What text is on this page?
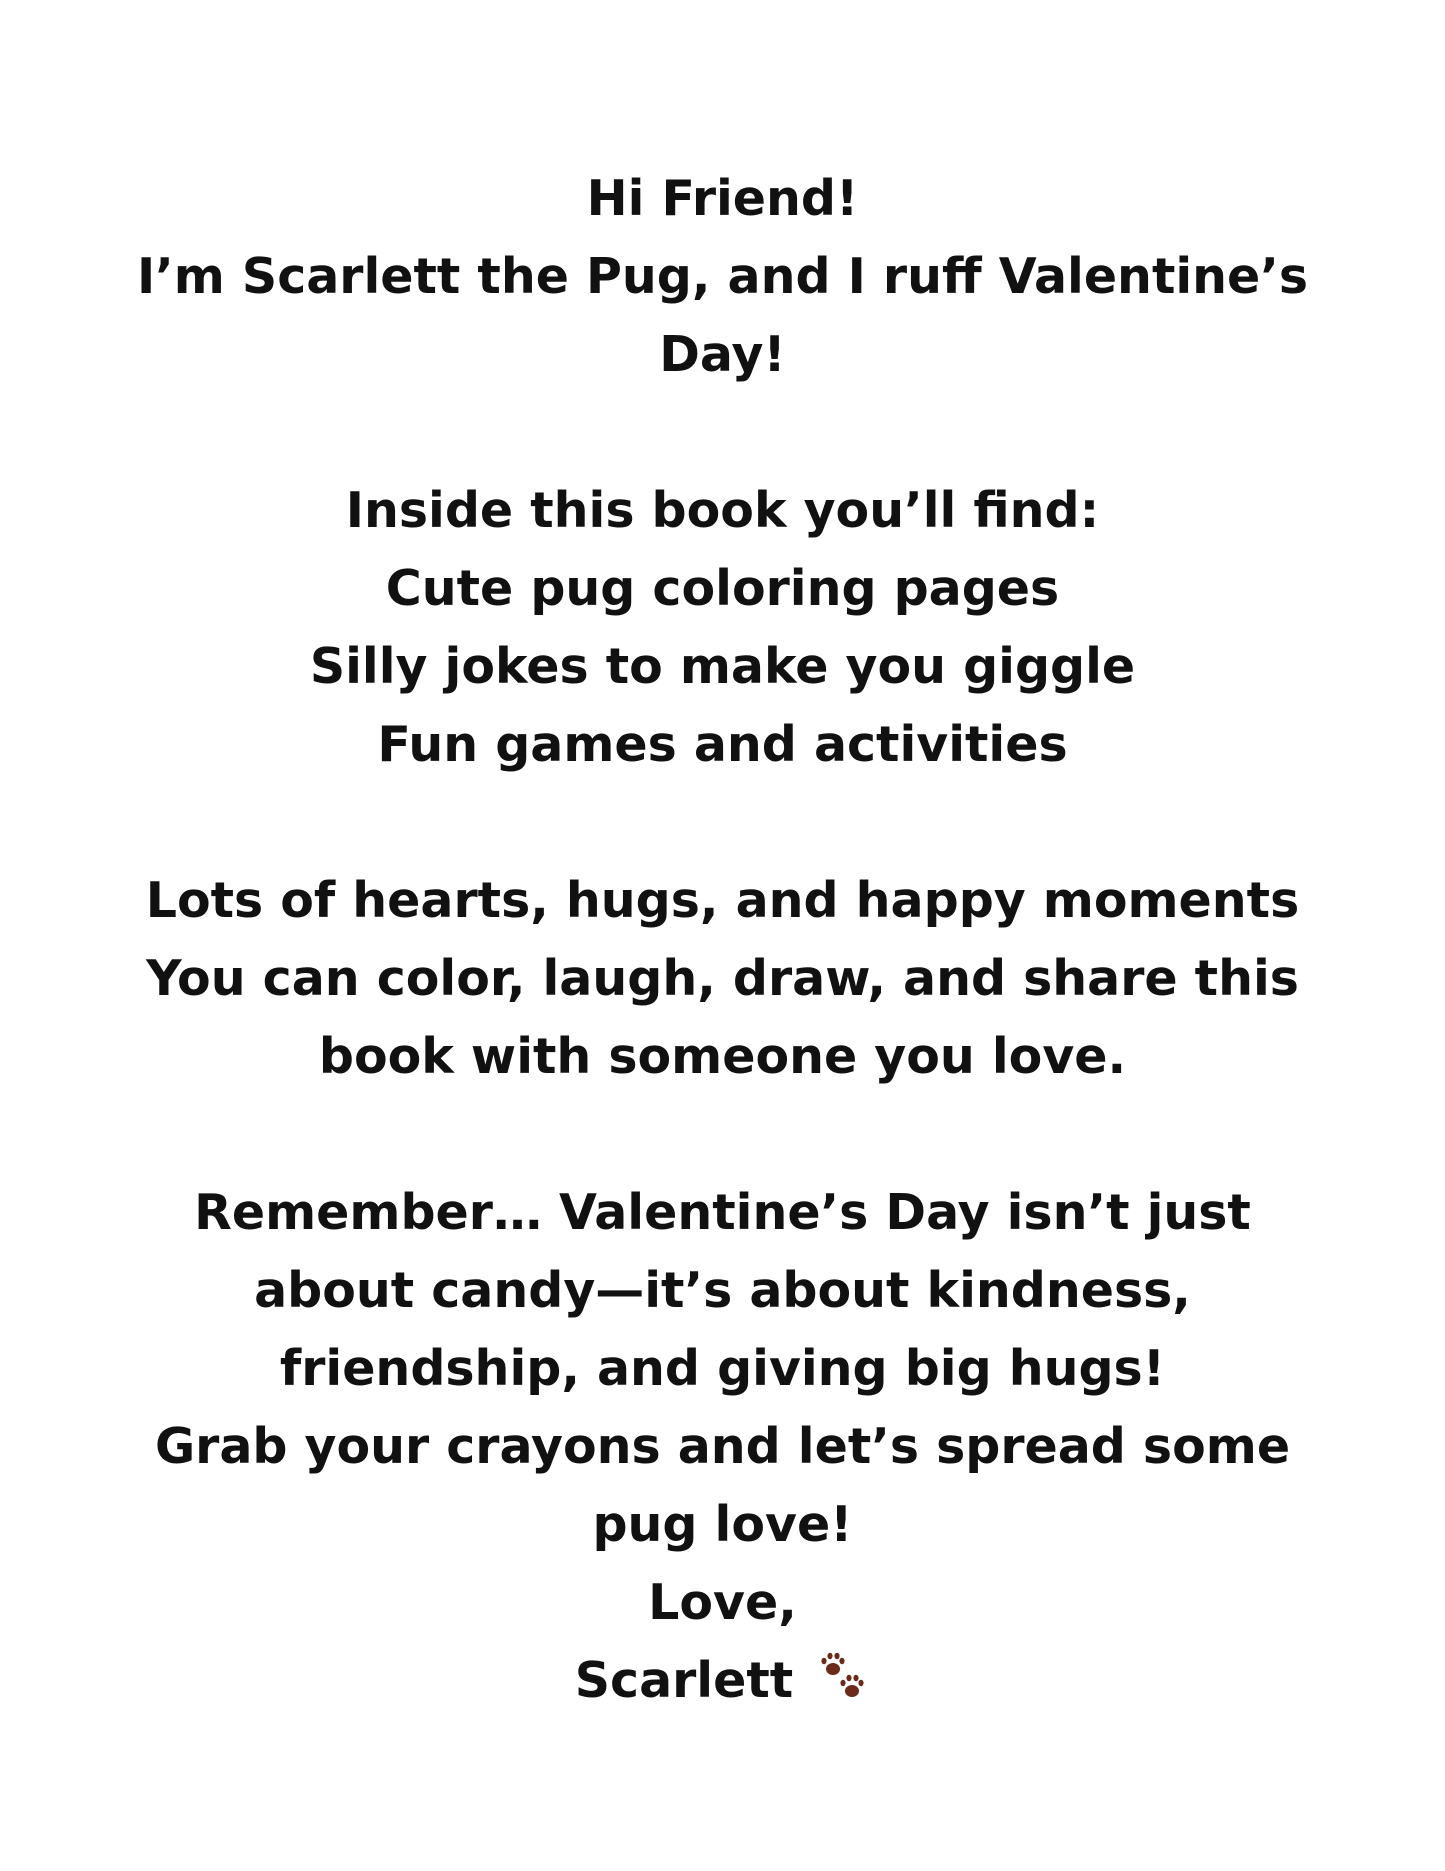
Hi Friend!
I’m Scarlett the Pug, and I ruff Valentine’s
Day!
Inside this book you’ll find:
Cute pug coloring pages
Silly jokes to make you giggle
Fun games and activities
Lots of hearts, hugs, and happy moments
You can color, laugh, draw, and share this
book with someone you love.
Remember… Valentine’s Day isn’t just
about candy—it’s about kindness,
friendship, and giving big hugs!
Grab your crayons and let’s spread some
pug love!
Love,
Scarlett
